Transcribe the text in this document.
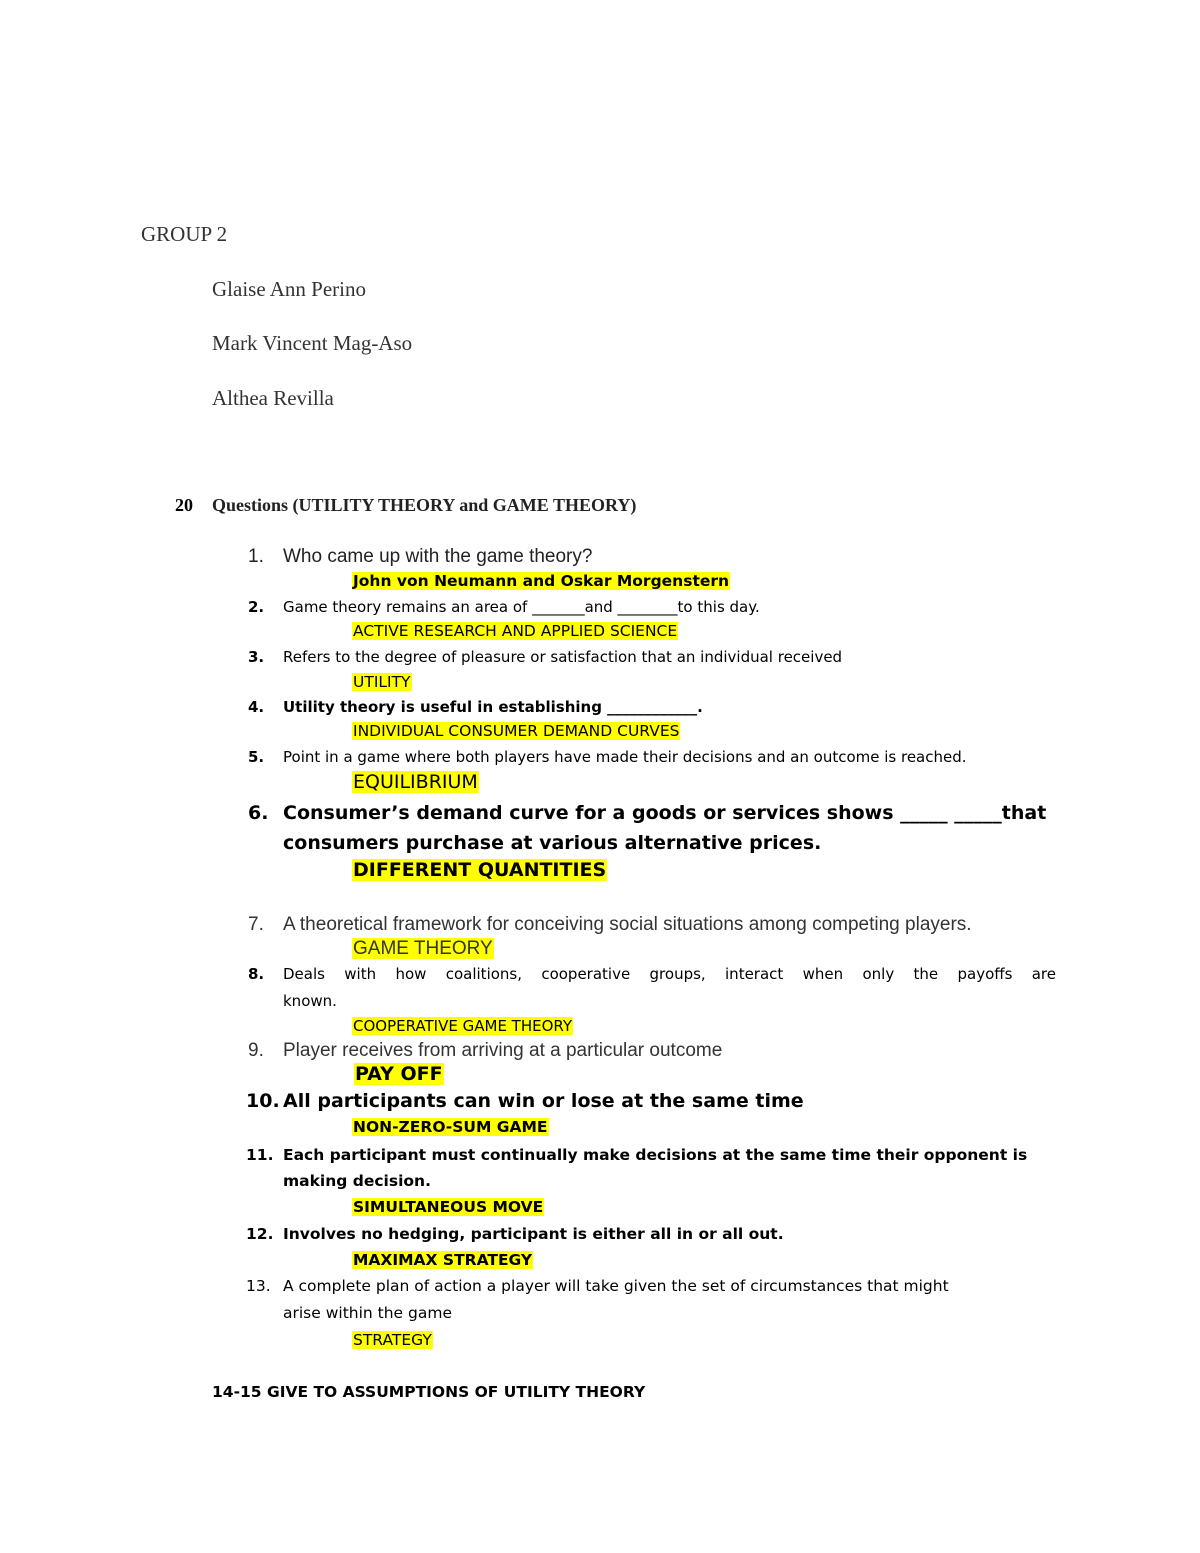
GROUP 2
Glaise Ann Perino
Mark Vincent Mag-Aso
Althea Revilla
20 Questions (UTILITY THEORY and GAME THEORY)
1. Who came up with the game theory?
John von Neumann and Oskar Morgenstern
2. Game theory remains an area of _______and ________to this day.
ACTIVE RESEARCH AND APPLIED SCIENCE
3. Refers to the degree of pleasure or satisfaction that an individual received
UTILITY
4. Utility theory is useful in establishing ____________.
INDIVIDUAL CONSUMER DEMAND CURVES
5. Point in a game where both players have made their decisions and an outcome is reached.
EQUILIBRIUM
6. Consumer’s demand curve for a goods or services shows _____ _____that
consumers purchase at various alternative prices.
DIFFERENT QUANTITIES
7. A theoretical framework for conceiving social situations among competing players.
GAME THEORY
8. Deals with how coalitions, cooperative groups, interact when only the payoffs are
known.
COOPERATIVE GAME THEORY
9. Player receives from arriving at a particular outcome
PAY OFF
10. All participants can win or lose at the same time
NON-ZERO-SUM GAME
11. Each participant must continually make decisions at the same time their opponent is
making decision.
SIMULTANEOUS MOVE
12. Involves no hedging, participant is either all in or all out.
MAXIMAX STRATEGY
13. A complete plan of action a player will take given the set of circumstances that might
arise within the game
STRATEGY
14-15 GIVE TO ASSUMPTIONS OF UTILITY THEORY
